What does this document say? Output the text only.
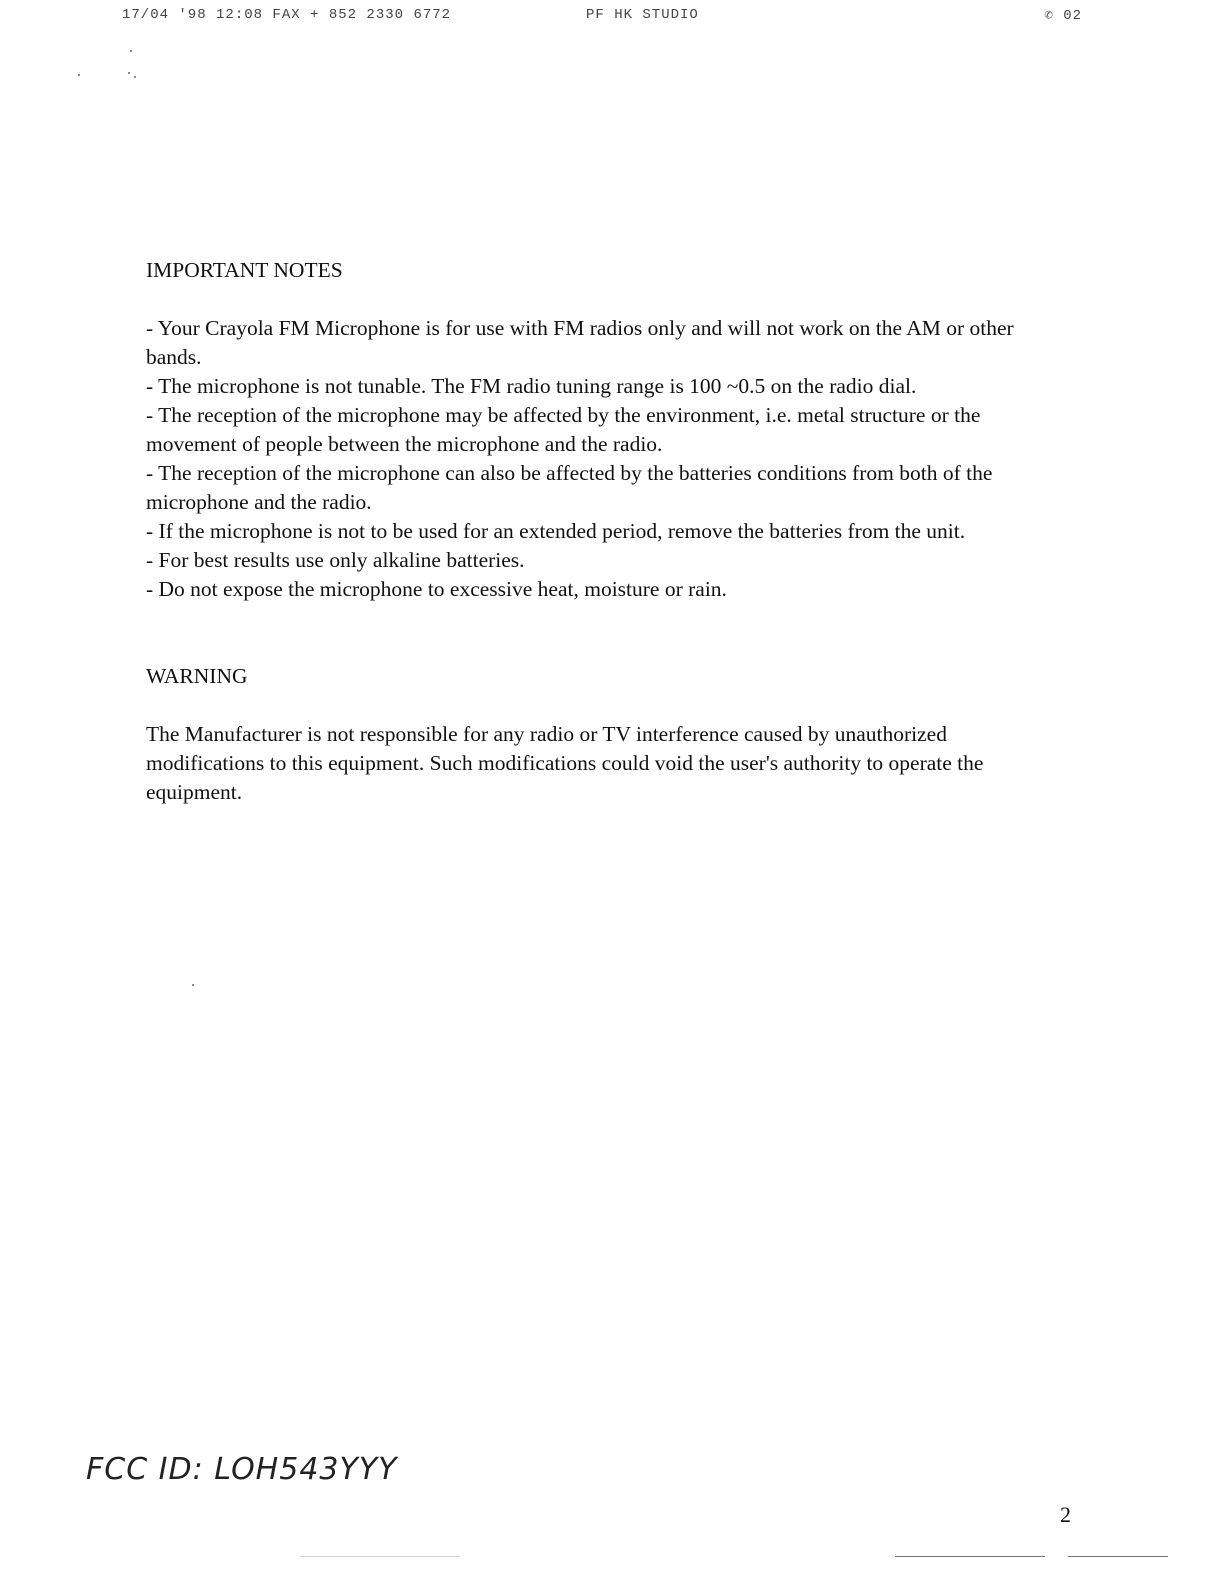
17/04 '98 12:08 FAX + 852 2330 6772	PF HK STUDIO	✆ 02
IMPORTANT NOTES
- Your Crayola FM Microphone is for use with FM radios only and will not work on the AM or other bands.
- The microphone is not tunable. The FM radio tuning range is 100 ~0.5 on the radio dial.
- The reception of the microphone may be affected by the environment, i.e. metal structure or the movement of people between the microphone and the radio.
- The reception of the microphone can also be affected by the batteries conditions from both of the microphone and the radio.
- If the microphone is not to be used for an extended period, remove the batteries from the unit.
- For best results use only alkaline batteries.
- Do not expose the microphone to excessive heat, moisture or rain.
WARNING

The Manufacturer is not responsible for any radio or TV interference caused by unauthorized modifications to this equipment. Such modifications could void the user's authority to operate the equipment.

FCC ID: LOH543YYY
2
